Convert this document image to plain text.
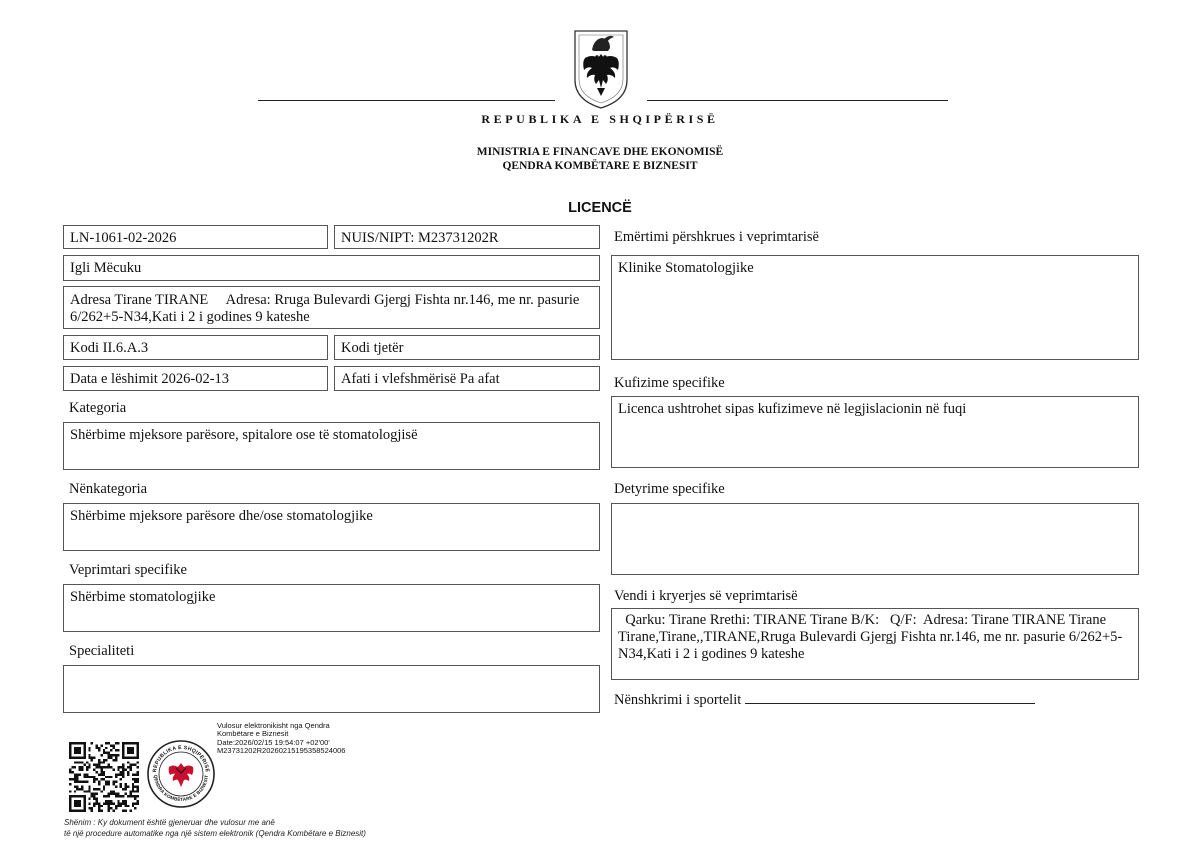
REPUBLIKA E SHQIPËRISË
MINISTRIA E FINANCAVE DHE EKONOMISË
QENDRA KOMBËTARE E BIZNESIT
LICENCË
LN-1061-02-2026	NUIS/NIPT: M23731202R
Igli Mëcuku
Adresa Tirane TIRANE     Adresa: Rruga Bulevardi Gjergj Fishta nr.146, me nr. pasurie 6/262+5-N34,Kati i 2 i godines 9 kateshe
Kodi II.6.A.3	Kodi tjetër
Data e lëshimit 2026-02-13	Afati i vlefshmërisë Pa afat
Kategoria
Shërbime mjeksore parësore, spitalore ose të stomatologjisë
Nënkategoria
Shërbime mjeksore parësore dhe/ose stomatologjike
Veprimtari specifike
Shërbime stomatologjike
Specialiteti
Emërtimi përshkrues i veprimtarisë
Klinike Stomatologjike
Kufizime specifike
Licenca ushtrohet sipas kufizimeve në legjislacionin në fuqi
Detyrime specifike
Vendi i kryerjes së veprimtarisë
Qarku: Tirane Rrethi: TIRANE Tirane B/K:   Q/F:  Adresa: Tirane TIRANE Tirane  Tirane,Tirane,,TIRANE,Rruga Bulevardi Gjergj Fishta nr.146, me nr. pasurie 6/262+5-N34,Kati i 2 i godines 9 kateshe
Nënshkrimi i sportelit
REPUBLIKA E SHQIPËRISË
QENDRA KOMBËTARE E BIZNESIT
Vulosur elektronikisht nga Qendra
Kombëtare e Biznesit
Date:2026/02/15 19:54:07 +02'00'
M23731202R20260215195358524006
Shënim : Ky dokument është gjeneruar dhe vulosur me anë
të një procedure automatike nga një sistem elektronik (Qendra Kombëtare e Biznesit)
